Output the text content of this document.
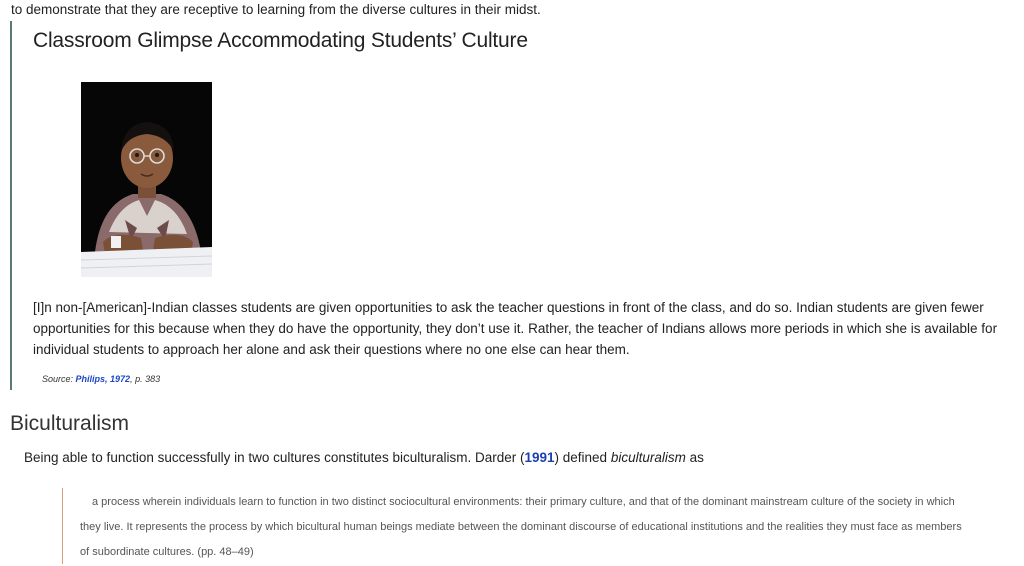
to demonstrate that they are receptive to learning from the diverse cultures in their midst.
Classroom Glimpse Accommodating Students’ Culture
[I]n non-[American]-Indian classes students are given opportunities to ask the teacher questions in front of the class, and do so. Indian students are given fewer opportunities for this because when they do have the opportunity, they don’t use it. Rather, the teacher of Indians allows more periods in which she is available for individual students to approach her alone and ask their questions where no one else can hear them.
Source: Philips, 1972, p. 383
Biculturalism
Being able to function successfully in two cultures constitutes biculturalism. Darder (1991) defined biculturalism as
a process wherein individuals learn to function in two distinct sociocultural environments: their primary culture, and that of the dominant mainstream culture of the society in which they live. It represents the process by which bicultural human beings mediate between the dominant discourse of educational institutions and the realities they must face as members of subordinate cultures. (pp. 48–49)
